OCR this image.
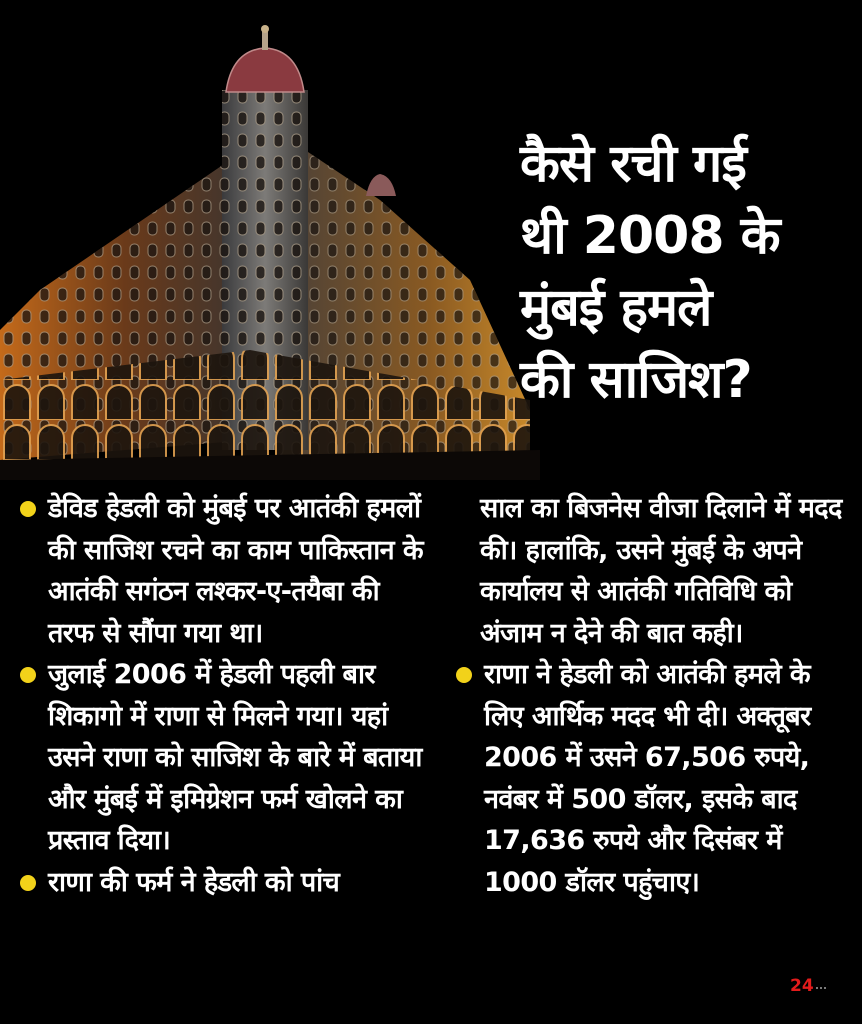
कैसे रची गई
थी 2008 के
मुंबई हमले
की साजिश?
डेविड हेडली को मुंबई पर आतंकी हमलों की साजिश रचने का काम पाकिस्तान के आतंकी सगंठन लश्कर-ए-तयैबा की तरफ से सौंपा गया था।
जुलाई 2006 में हेडली पहली बार शिकागो में राणा से मिलने गया। यहां उसने राणा को साजिश के बारे में बताया और मुंबई में इमिग्रेशन फर्म खोलने का प्रस्ताव दिया।
राणा की फर्म ने हेडली को पांच
साल का बिजनेस वीजा दिलाने में मदद की। हालांकि, उसने मुंबई के अपने कार्यालय से आतंकी गतिविधि को अंजाम न देने की बात कही।
राणा ने हेडली को आतंकी हमले के लिए आर्थिक मदद भी दी। अक्तूबर 2006 में उसने 67,506 रुपये, नवंबर में 500 डॉलर, इसके बाद 17,636 रुपये और दिसंबर में 1000 डॉलर पहुंचाए।
24
